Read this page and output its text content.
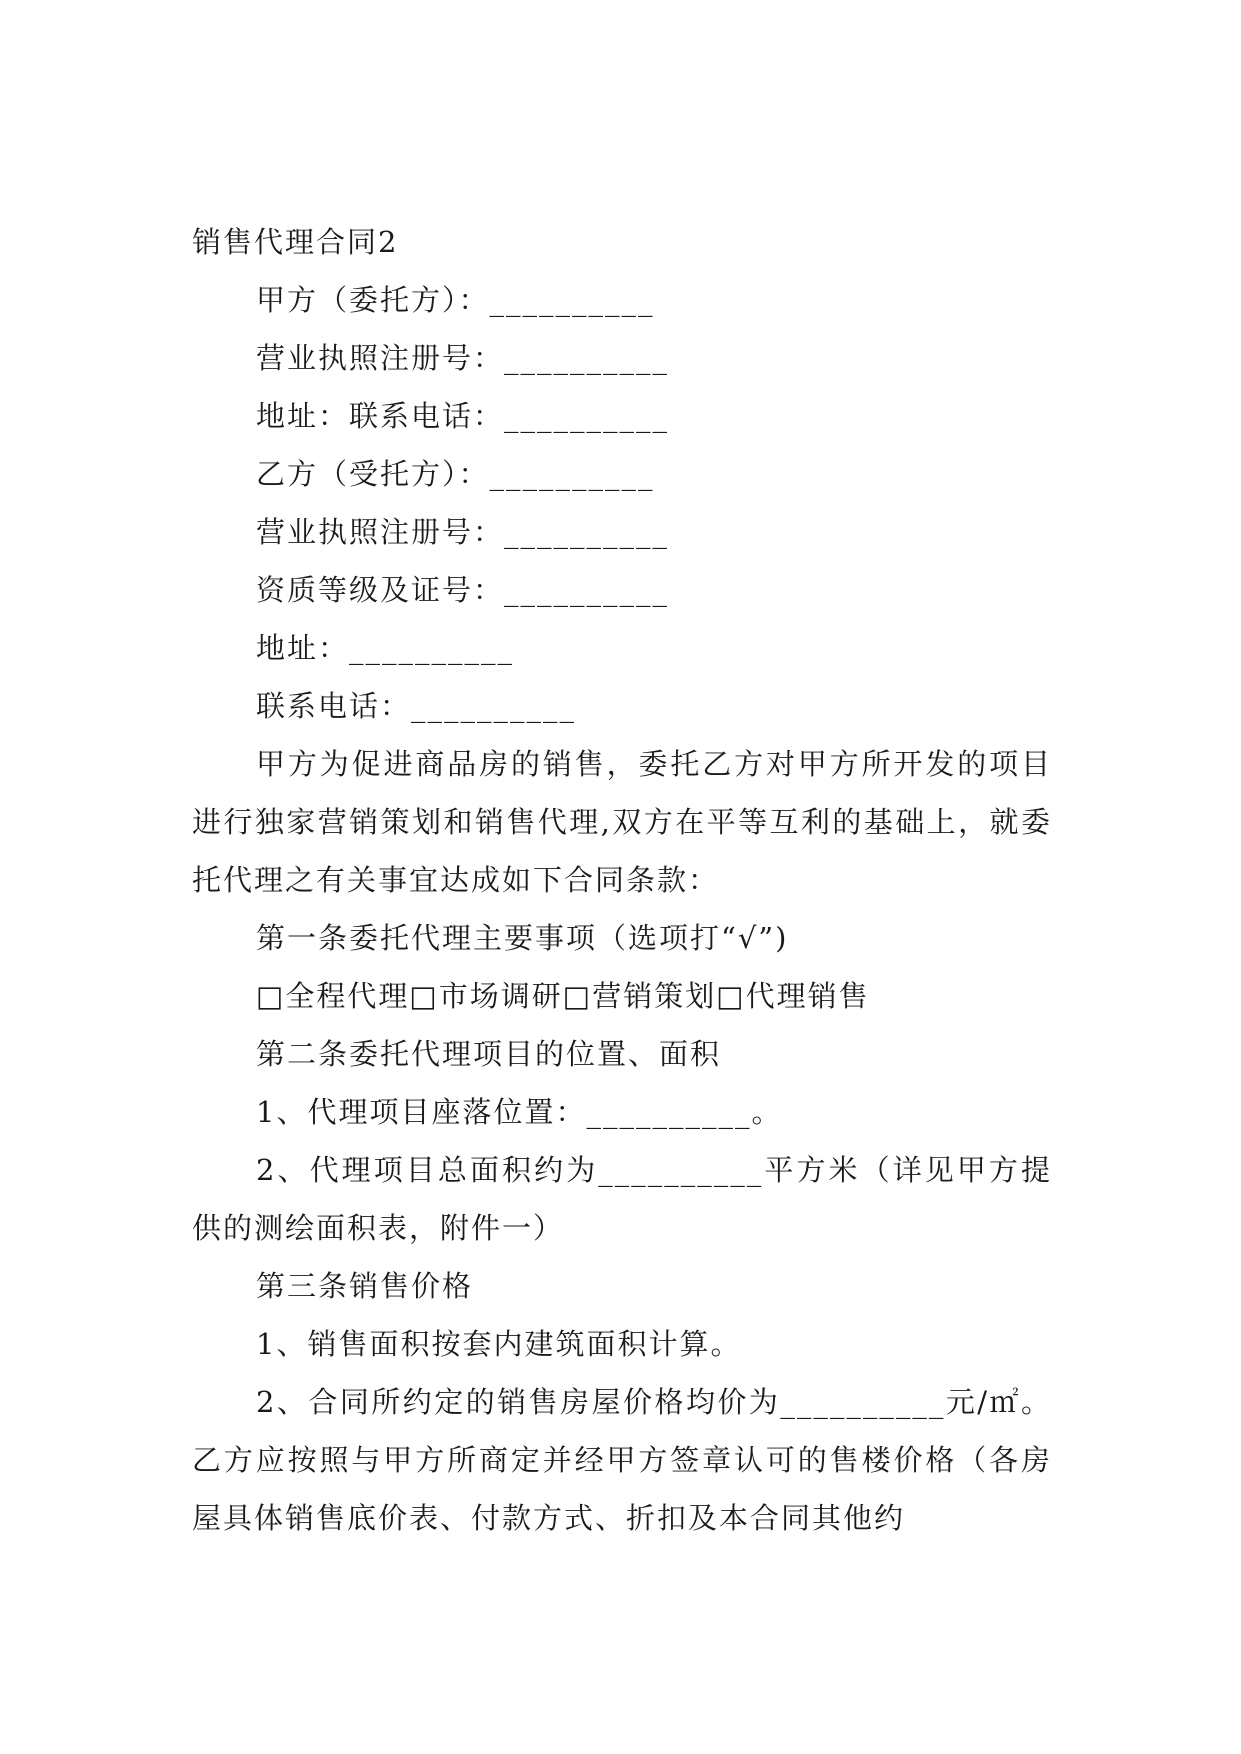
销售代理合同2
甲方（委托方）：__________
营业执照注册号：__________
地址：联系电话：__________
乙方（受托方）：__________
营业执照注册号：__________
资质等级及证号：__________
地址：__________
联系电话：__________
甲方为促进商品房的销售，委托乙方对甲方所开发的项目进行独家营销策划和销售代理,双方在平等互利的基础上，就委托代理之有关事宜达成如下合同条款：
第一条委托代理主要事项（选项打“√”)
□全程代理□市场调研□营销策划□代理销售
第二条委托代理项目的位置、面积
1、代理项目座落位置：__________。
2、代理项目总面积约为__________平方米（详见甲方提供的测绘面积表，附件一）
第三条销售价格
1、销售面积按套内建筑面积计算。
2、合同所约定的销售房屋价格均价为__________元/㎡。乙方应按照与甲方所商定并经甲方签章认可的售楼价格（各房屋具体销售底价表、付款方式、折扣及本合同其他约
